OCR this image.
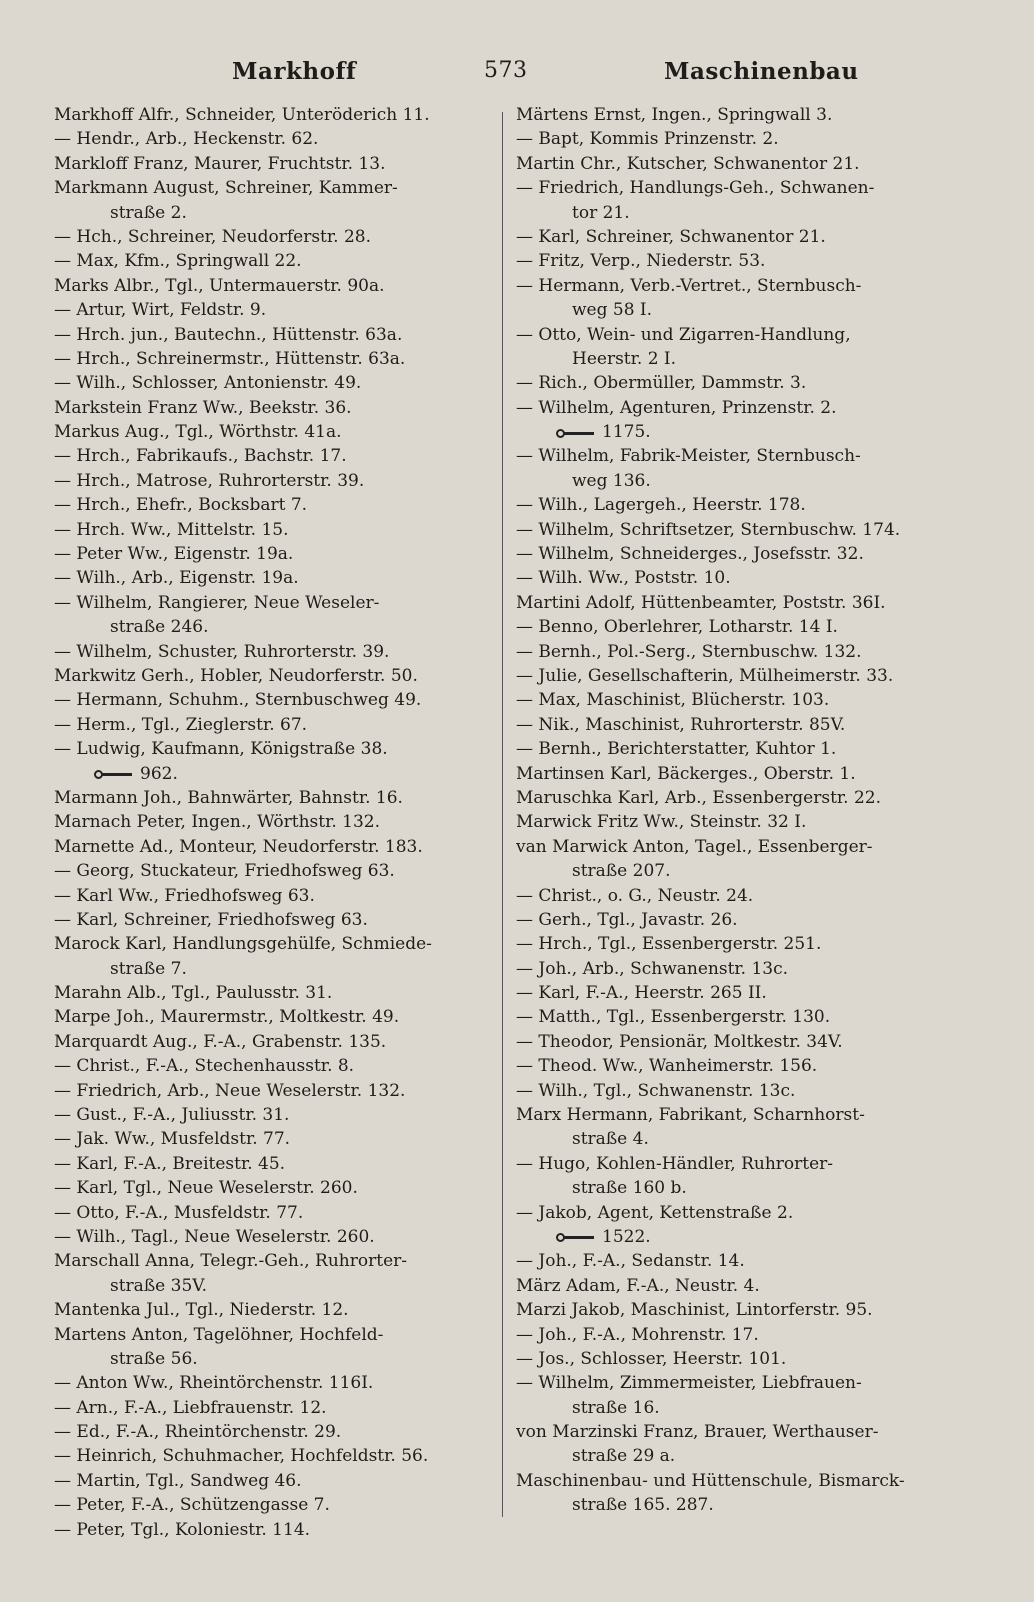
Markhoff	573	Maschinenbau
Markhoff Alfr., Schneider, Unteröderich 11.
— Hendr., Arb., Heckenstr. 62.
Markloff Franz, Maurer, Fruchtstr. 13.
Markmann August, Schreiner, Kammer-
straße 2.
— Hch., Schreiner, Neudorferstr. 28.
— Max, Kfm., Springwall 22.
Marks Albr., Tgl., Untermauerstr. 90a.
— Artur, Wirt, Feldstr. 9.
— Hrch. jun., Bautechn., Hüttenstr. 63a.
— Hrch., Schreinermstr., Hüttenstr. 63a.
— Wilh., Schlosser, Antonienstr. 49.
Markstein Franz Ww., Beekstr. 36.
Markus Aug., Tgl., Wörthstr. 41a.
— Hrch., Fabrikaufs., Bachstr. 17.
— Hrch., Matrose, Ruhrorterstr. 39.
— Hrch., Ehefr., Bocksbart 7.
— Hrch. Ww., Mittelstr. 15.
— Peter Ww., Eigenstr. 19a.
— Wilh., Arb., Eigenstr. 19a.
— Wilhelm, Rangierer, Neue Weseler-
straße 246.
— Wilhelm, Schuster, Ruhrorterstr. 39.
Markwitz Gerh., Hobler, Neudorferstr. 50.
— Hermann, Schuhm., Sternbuschweg 49.
— Herm., Tgl., Zieglerstr. 67.
— Ludwig, Kaufmann, Königstraße 38.
962.
Marmann Joh., Bahnwärter, Bahnstr. 16.
Marnach Peter, Ingen., Wörthstr. 132.
Marnette Ad., Monteur, Neudorferstr. 183.
— Georg, Stuckateur, Friedhofsweg 63.
— Karl Ww., Friedhofsweg 63.
— Karl, Schreiner, Friedhofsweg 63.
Marock Karl, Handlungsgehülfe, Schmiede-
straße 7.
Marahn Alb., Tgl., Paulusstr. 31.
Marpe Joh., Maurermstr., Moltkestr. 49.
Marquardt Aug., F.-A., Grabenstr. 135.
— Christ., F.-A., Stechenhausstr. 8.
— Friedrich, Arb., Neue Weselerstr. 132.
— Gust., F.-A., Juliusstr. 31.
— Jak. Ww., Musfeldstr. 77.
— Karl, F.-A., Breitestr. 45.
— Karl, Tgl., Neue Weselerstr. 260.
— Otto, F.-A., Musfeldstr. 77.
— Wilh., Tagl., Neue Weselerstr. 260.
Marschall Anna, Telegr.-Geh., Ruhrorter-
straße 35V.
Mantenka Jul., Tgl., Niederstr. 12.
Martens Anton, Tagelöhner, Hochfeld-
straße 56.
— Anton Ww., Rheintörchenstr. 116I.
— Arn., F.-A., Liebfrauenstr. 12.
— Ed., F.-A., Rheintörchenstr. 29.
— Heinrich, Schuhmacher, Hochfeldstr. 56.
— Martin, Tgl., Sandweg 46.
— Peter, F.-A., Schützengasse 7.
— Peter, Tgl., Koloniestr. 114.
Märtens Ernst, Ingen., Springwall 3.
— Bapt, Kommis Prinzenstr. 2.
Martin Chr., Kutscher, Schwanentor 21.
— Friedrich, Handlungs-Geh., Schwanen-
tor 21.
— Karl, Schreiner, Schwanentor 21.
— Fritz, Verp., Niederstr. 53.
— Hermann, Verb.-Vertret., Sternbusch-
weg 58 I.
— Otto, Wein- und Zigarren-Handlung,
Heerstr. 2 I.
— Rich., Obermüller, Dammstr. 3.
— Wilhelm, Agenturen, Prinzenstr. 2.
1175.
— Wilhelm, Fabrik-Meister, Sternbusch-
weg 136.
— Wilh., Lagergeh., Heerstr. 178.
— Wilhelm, Schriftsetzer, Sternbuschw. 174.
— Wilhelm, Schneiderges., Josefsstr. 32.
— Wilh. Ww., Poststr. 10.
Martini Adolf, Hüttenbeamter, Poststr. 36I.
— Benno, Oberlehrer, Lotharstr. 14 I.
— Bernh., Pol.-Serg., Sternbuschw. 132.
— Julie, Gesellschafterin, Mülheimerstr. 33.
— Max, Maschinist, Blücherstr. 103.
— Nik., Maschinist, Ruhrorterstr. 85V.
— Bernh., Berichterstatter, Kuhtor 1.
Martinsen Karl, Bäckerges., Oberstr. 1.
Maruschka Karl, Arb., Essenbergerstr. 22.
Marwick Fritz Ww., Steinstr. 32 I.
van Marwick Anton, Tagel., Essenberger-
straße 207.
— Christ., o. G., Neustr. 24.
— Gerh., Tgl., Javastr. 26.
— Hrch., Tgl., Essenbergerstr. 251.
— Joh., Arb., Schwanenstr. 13c.
— Karl, F.-A., Heerstr. 265 II.
— Matth., Tgl., Essenbergerstr. 130.
— Theodor, Pensionär, Moltkestr. 34V.
— Theod. Ww., Wanheimerstr. 156.
— Wilh., Tgl., Schwanenstr. 13c.
Marx Hermann, Fabrikant, Scharnhorst-
straße 4.
— Hugo, Kohlen-Händler, Ruhrorter-
straße 160 b.
— Jakob, Agent, Kettenstraße 2.
1522.
— Joh., F.-A., Sedanstr. 14.
März Adam, F.-A., Neustr. 4.
Marzi Jakob, Maschinist, Lintorferstr. 95.
— Joh., F.-A., Mohrenstr. 17.
— Jos., Schlosser, Heerstr. 101.
— Wilhelm, Zimmermeister, Liebfrauen-
straße 16.
von Marzinski Franz, Brauer, Werthauser-
straße 29 a.
Maschinenbau- und Hüttenschule, Bismarck-
straße 165. 287.
